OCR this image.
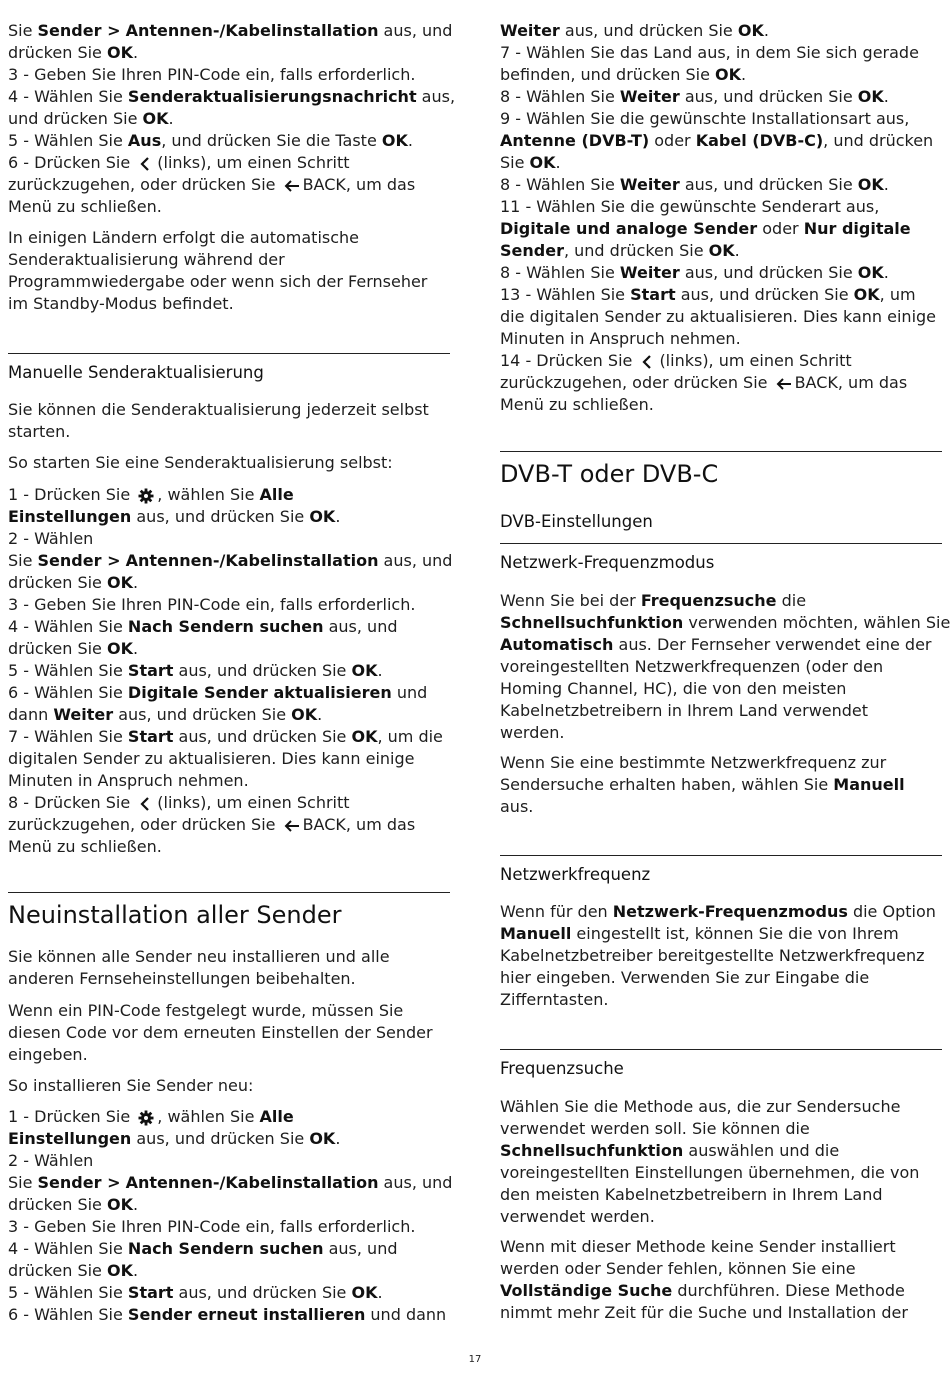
Sie Sender > Antennen-/Kabelinstallation aus, und
drücken Sie OK.
3 - Geben Sie Ihren PIN-Code ein, falls erforderlich.
4 - Wählen Sie Senderaktualisierungsnachricht aus,
und drücken Sie OK.
5 - Wählen Sie Aus, und drücken Sie die Taste OK.
6 - Drücken Sie
(links), um einen Schritt
zurückzugehen, oder drücken Sie
BACK, um das
Menü zu schließen.
In einigen Ländern erfolgt die automatische
Senderaktualisierung während der
Programmwiedergabe oder wenn sich der Fernseher
im Standby-Modus befindet.
Manuelle Senderaktualisierung
Sie können die Senderaktualisierung jederzeit selbst
starten.
So starten Sie eine Senderaktualisierung selbst:
1 - Drücken Sie
, wählen Sie Alle
Einstellungen aus, und drücken Sie OK.
2 - Wählen
Sie Sender > Antennen-/Kabelinstallation aus, und
drücken Sie OK.
3 - Geben Sie Ihren PIN-Code ein, falls erforderlich.
4 - Wählen Sie Nach Sendern suchen aus, und
drücken Sie OK.
5 - Wählen Sie Start aus, und drücken Sie OK.
6 - Wählen Sie Digitale Sender aktualisieren und
dann Weiter aus, und drücken Sie OK.
7 - Wählen Sie Start aus, und drücken Sie OK, um die
digitalen Sender zu aktualisieren. Dies kann einige
Minuten in Anspruch nehmen.
8 - Drücken Sie
(links), um einen Schritt
zurückzugehen, oder drücken Sie
BACK, um das
Menü zu schließen.
Neuinstallation aller Sender
Sie können alle Sender neu installieren und alle
anderen Fernseheinstellungen beibehalten.
Wenn ein PIN-Code festgelegt wurde, müssen Sie
diesen Code vor dem erneuten Einstellen der Sender
eingeben.
So installieren Sie Sender neu:
1 - Drücken Sie
, wählen Sie Alle
Einstellungen aus, und drücken Sie OK.
2 - Wählen
Sie Sender > Antennen-/Kabelinstallation aus, und
drücken Sie OK.
3 - Geben Sie Ihren PIN-Code ein, falls erforderlich.
4 - Wählen Sie Nach Sendern suchen aus, und
drücken Sie OK.
5 - Wählen Sie Start aus, und drücken Sie OK.
6 - Wählen Sie Sender erneut installieren und dann
Weiter aus, und drücken Sie OK.
7 - Wählen Sie das Land aus, in dem Sie sich gerade
befinden, und drücken Sie OK.
8 - Wählen Sie Weiter aus, und drücken Sie OK.
9 - Wählen Sie die gewünschte Installationsart aus,
Antenne (DVB-T) oder Kabel (DVB-C), und drücken
Sie OK.
8 - Wählen Sie Weiter aus, und drücken Sie OK.
11 - Wählen Sie die gewünschte Senderart aus,
Digitale und analoge Sender oder Nur digitale
Sender, und drücken Sie OK.
8 - Wählen Sie Weiter aus, und drücken Sie OK.
13 - Wählen Sie Start aus, und drücken Sie OK, um
die digitalen Sender zu aktualisieren. Dies kann einige
Minuten in Anspruch nehmen.
14 - Drücken Sie
(links), um einen Schritt
zurückzugehen, oder drücken Sie
BACK, um das
Menü zu schließen.
DVB-T oder DVB-C
DVB-Einstellungen
Netzwerk-Frequenzmodus
Wenn Sie bei der Frequenzsuche die
Schnellsuchfunktion verwenden möchten, wählen Sie
Automatisch aus. Der Fernseher verwendet eine der
voreingestellten Netzwerkfrequenzen (oder den
Homing Channel, HC), die von den meisten
Kabelnetzbetreibern in Ihrem Land verwendet
werden.
Wenn Sie eine bestimmte Netzwerkfrequenz zur
Sendersuche erhalten haben, wählen Sie Manuell
aus.
Netzwerkfrequenz
Wenn für den Netzwerk-Frequenzmodus die Option
Manuell eingestellt ist, können Sie die von Ihrem
Kabelnetzbetreiber bereitgestellte Netzwerkfrequenz
hier eingeben. Verwenden Sie zur Eingabe die
Zifferntasten.
Frequenzsuche
Wählen Sie die Methode aus, die zur Sendersuche
verwendet werden soll. Sie können die
Schnellsuchfunktion auswählen und die
voreingestellten Einstellungen übernehmen, die von
den meisten Kabelnetzbetreibern in Ihrem Land
verwendet werden.
Wenn mit dieser Methode keine Sender installiert
werden oder Sender fehlen, können Sie eine
Vollständige Suche durchführen. Diese Methode
nimmt mehr Zeit für die Suche und Installation der
17
